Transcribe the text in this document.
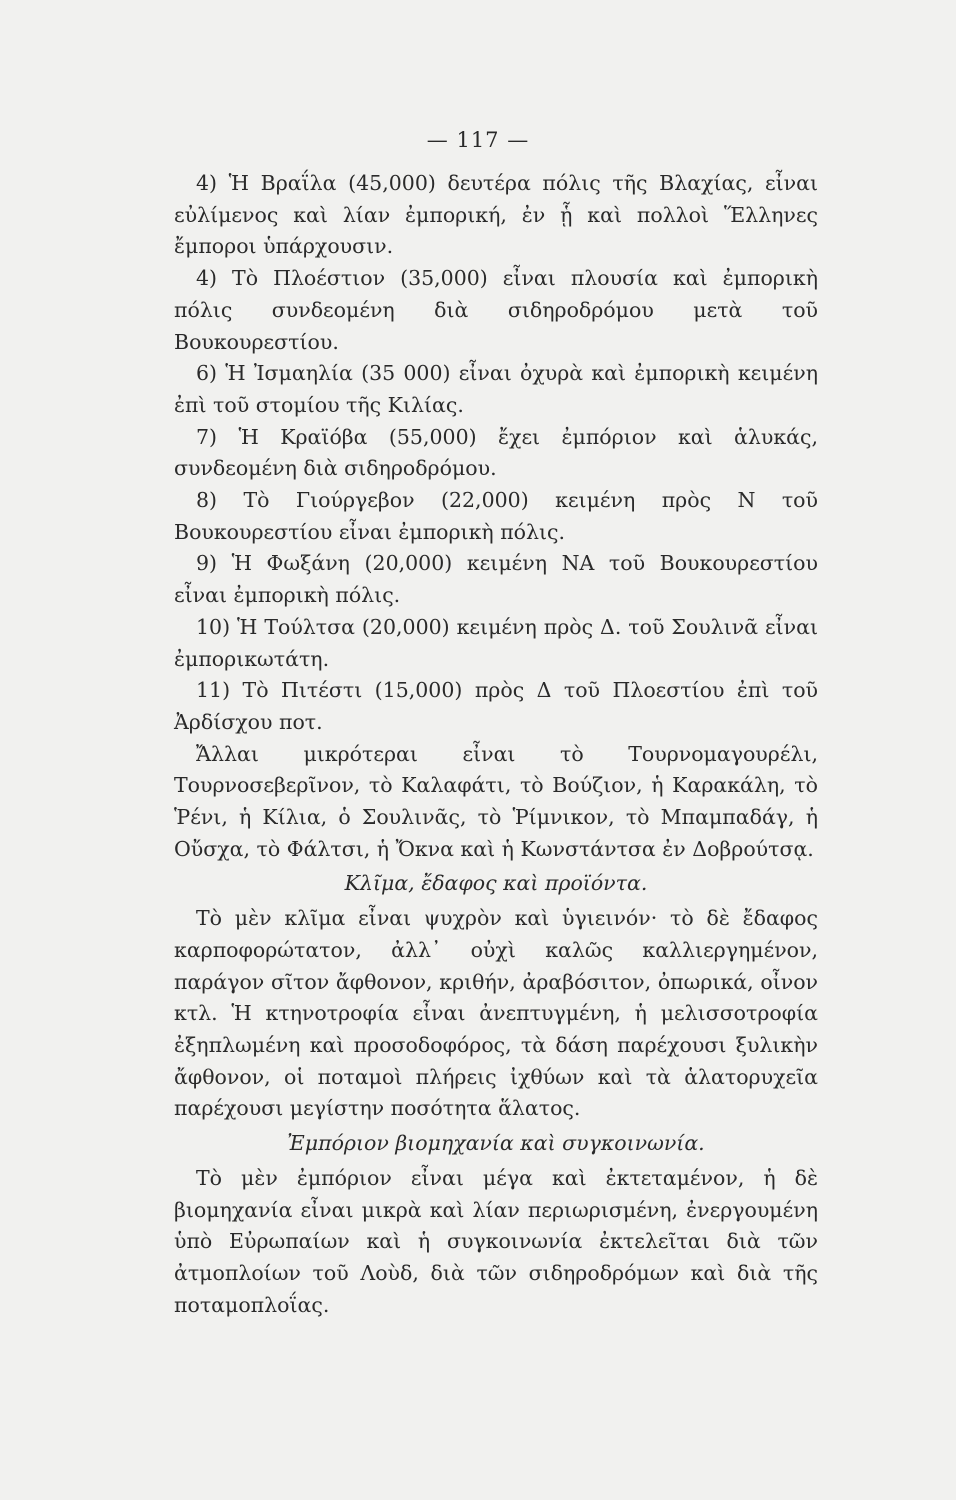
— 117 —

4) Ἡ Βραΐλα (45,000) δευτέρα πόλις τῆς Βλαχίας, εἶναι εὐλίμενος καὶ λίαν ἐμπορική, ἐν ᾗ καὶ πολλοὶ Ἕλληνες ἔμποροι ὑπάρχουσιν.

4) Τὸ Πλοέστιον (35,000) εἶναι πλουσία καὶ ἐμπορικὴ πόλις συνδεομένη διὰ σιδηροδρόμου μετὰ τοῦ Βουκουρεστίου.

6) Ἡ Ἰσμαηλία (35 000) εἶναι ὀχυρὰ καὶ ἐμπορικὴ κειμένη ἐπὶ τοῦ στομίου τῆς Κιλίας.

7) Ἡ Κραϊόβα (55,000) ἔχει ἐμπόριον καὶ ἁλυκάς, συνδεομένη διὰ σιδηροδρόμου.

8) Τὸ Γιούργεβον (22,000) κειμένη πρὸς Ν τοῦ Βουκουρεστίου εἶναι ἐμπορικὴ πόλις.

9) Ἡ Φωξάνη (20,000) κειμένη ΝΑ τοῦ Βουκουρεστίου εἶναι ἐμπορικὴ πόλις.

10) Ἡ Τούλτσα (20,000) κειμένη πρὸς Δ. τοῦ Σουλινᾶ εἶναι ἐμπορικωτάτη.

11) Τὸ Πιτέστι (15,000) πρὸς Δ τοῦ Πλοεστίου ἐπὶ τοῦ Ἀρδίσχου ποτ.

Ἄλλαι μικρότεραι εἶναι τὸ Τουρνομαγουρέλι, Τουρνοσεβερῖνον, τὸ Καλαφάτι, τὸ Βούζιον, ἡ Καρακάλη, τὸ Ῥένι, ἡ Κίλια, ὁ Σουλινᾶς, τὸ Ῥίμνικον, τὸ Μπαμπαδάγ, ἡ Οὔσχα, τὸ Φάλτσι, ἡ Ὄκνα καὶ ἡ Κωνστάντσα ἐν Δοβρούτσᾳ.

Κλῖμα, ἔδαφος καὶ προϊόντα.

Τὸ μὲν κλῖμα εἶναι ψυχρὸν καὶ ὑγιεινόν· τὸ δὲ ἔδαφος καρποφορώτατον, ἀλλ᾽ οὐχὶ καλῶς καλλιεργημένον, παράγον σῖτον ἄφθονον, κριθήν, ἀραβόσιτον, ὀπωρικά, οἶνον κτλ. Ἡ κτηνοτροφία εἶναι ἀνεπτυγμένη, ἡ μελισσοτροφία ἐξηπλωμένη καὶ προσοδοφόρος, τὰ δάση παρέχουσι ξυλικὴν ἄφθονον, οἱ ποταμοὶ πλήρεις ἰχθύων καὶ τὰ ἁλατορυχεῖα παρέχουσι μεγίστην ποσότητα ἅλατος.

Ἐμπόριον βιομηχανία καὶ συγκοινωνία.

Τὸ μὲν ἐμπόριον εἶναι μέγα καὶ ἐκτεταμένον, ἡ δὲ βιομηχανία εἶναι μικρὰ καὶ λίαν περιωρισμένη, ἐνεργουμένη ὑπὸ Εὐρωπαίων καὶ ἡ συγκοινωνία ἐκτελεῖται διὰ τῶν ἀτμοπλοίων τοῦ Λοὺδ, διὰ τῶν σιδηροδρόμων καὶ διὰ τῆς ποταμοπλοΐας.
